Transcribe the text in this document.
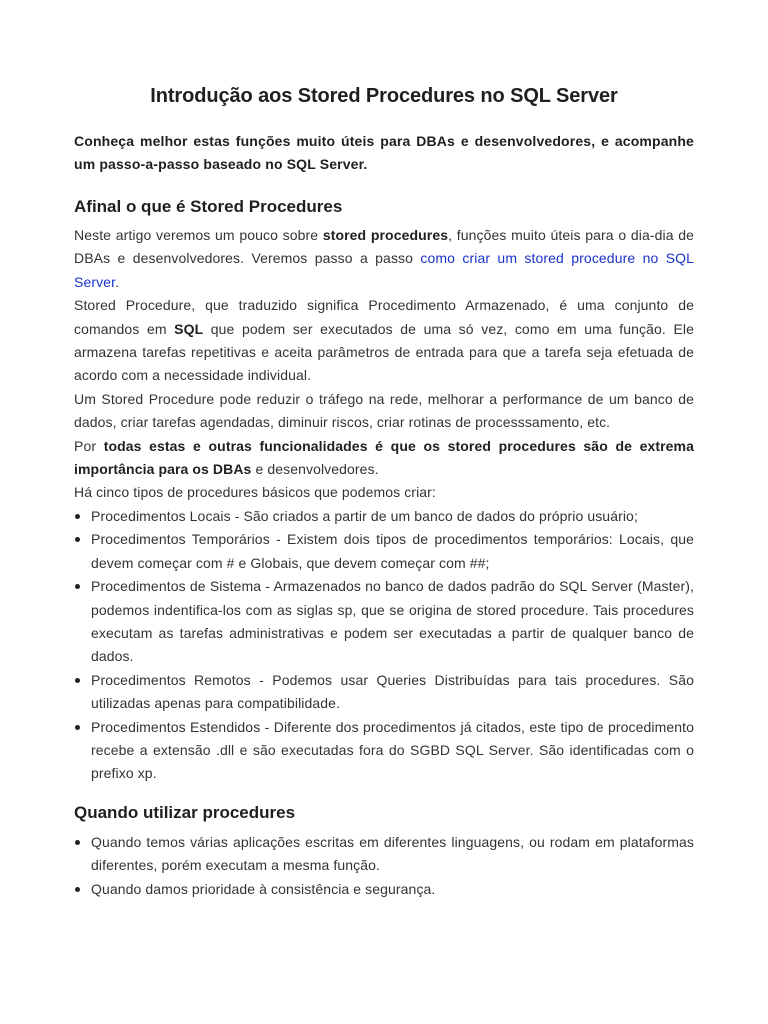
Introdução aos Stored Procedures no SQL Server

Conheça melhor estas funções muito úteis para DBAs e desenvolvedores, e acompanhe um passo-a-passo baseado no SQL Server.

Afinal o que é Stored Procedures

Neste artigo veremos um pouco sobre stored procedures, funções muito úteis para o dia-dia de DBAs e desenvolvedores. Veremos passo a passo como criar um stored procedure no SQL Server.

Stored Procedure, que traduzido significa Procedimento Armazenado, é uma conjunto de comandos em SQL que podem ser executados de uma só vez, como em uma função. Ele armazena tarefas repetitivas e aceita parâmetros de entrada para que a tarefa seja efetuada de acordo com a necessidade individual.

Um Stored Procedure pode reduzir o tráfego na rede, melhorar a performance de um banco de dados, criar tarefas agendadas, diminuir riscos, criar rotinas de processsamento, etc.

Por todas estas e outras funcionalidades é que os stored procedures são de extrema importância para os DBAs e desenvolvedores.

Há cinco tipos de procedures básicos que podemos criar:

Procedimentos Locais - São criados a partir de um banco de dados do próprio usuário;
Procedimentos Temporários - Existem dois tipos de procedimentos temporários: Locais, que devem começar com # e Globais, que devem começar com ##;
Procedimentos de Sistema - Armazenados no banco de dados padrão do SQL Server (Master), podemos indentifica-los com as siglas sp, que se origina de stored procedure. Tais procedures executam as tarefas administrativas e podem ser executadas a partir de qualquer banco de dados.
Procedimentos Remotos - Podemos usar Queries Distribuídas para tais procedures. São utilizadas apenas para compatibilidade.
Procedimentos Estendidos - Diferente dos procedimentos já citados, este tipo de procedimento recebe a extensão .dll e são executadas fora do SGBD SQL Server. São identificadas com o prefixo xp.
Quando utilizar procedures
Quando temos várias aplicações escritas em diferentes linguagens, ou rodam em plataformas diferentes, porém executam a mesma função.
Quando damos prioridade à consistência e segurança.
